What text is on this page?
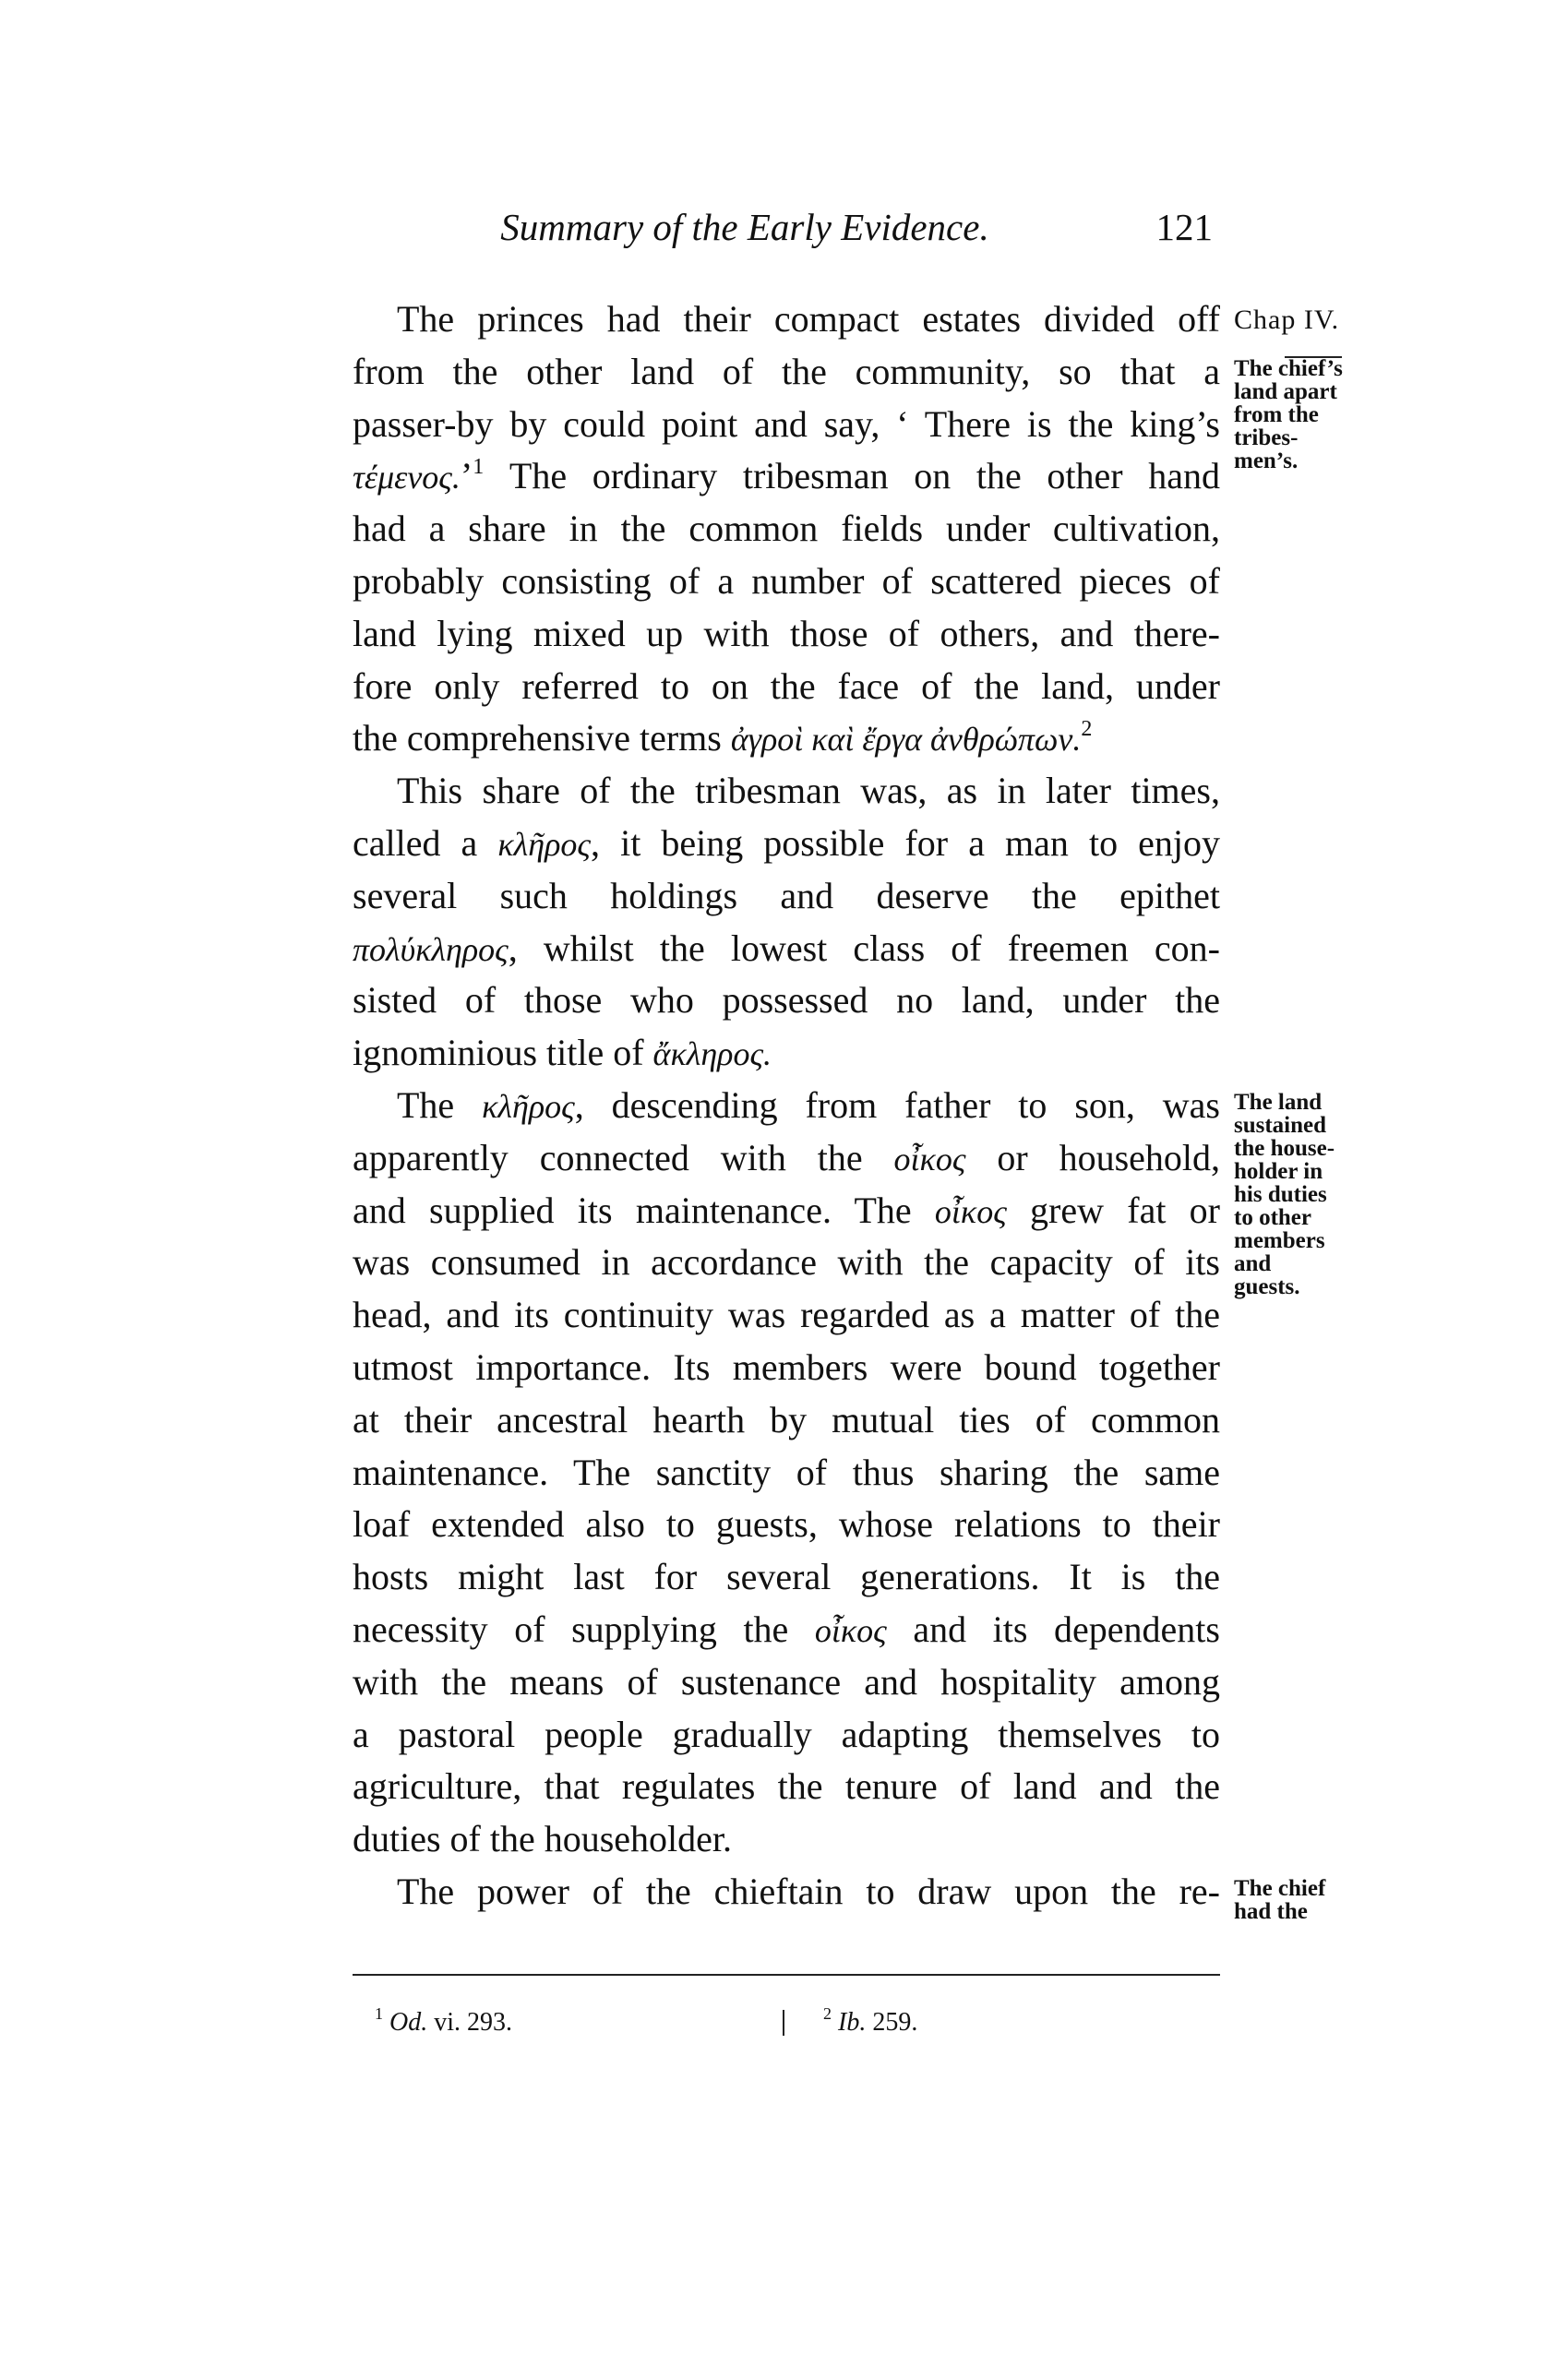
Summary of the Early Evidence.	121
Chap IV.
The princes had their compact estates divided off
from the other land of the community, so that a
passer-by by could point and say, ‘ There is the king’s
τέμενος.’$^1$ The ordinary tribesman on the other hand
had a share in the common fields under cultivation,
probably consisting of a number of scattered pieces of
land lying mixed up with those of others, and there-
fore only referred to on the face of the land, under
the comprehensive terms ἀγροὶ καὶ ἔργα ἀνθρώπων.$^2$
This share of the tribesman was, as in later times,
called a κλῆρος, it being possible for a man to enjoy
several such holdings and deserve the epithet
πολύκληρος, whilst the lowest class of freemen con-
sisted of those who possessed no land, under the
ignominious title of ἄκληρος.
The κλῆρος, descending from father to son, was
apparently connected with the οἶκος or household,
and supplied its maintenance. The οἶκος grew fat or
was consumed in accordance with the capacity of its
head, and its continuity was regarded as a matter of the
utmost importance. Its members were bound together
at their ancestral hearth by mutual ties of common
maintenance. The sanctity of thus sharing the same
loaf extended also to guests, whose relations to their
hosts might last for several generations. It is the
necessity of supplying the οἶκος and its dependents
with the means of sustenance and hospitality among
a pastoral people gradually adapting themselves to
agriculture, that regulates the tenure of land and the
duties of the householder.
The power of the chieftain to draw upon the re-
The chief’s
land apart
from the
tribes-
men’s.
The land
sustained
the house-
holder in
his duties
to other
members
and
guests.
The chief
had the
$^1$ Od. vi. 293.	$^2$ Ib. 259.
